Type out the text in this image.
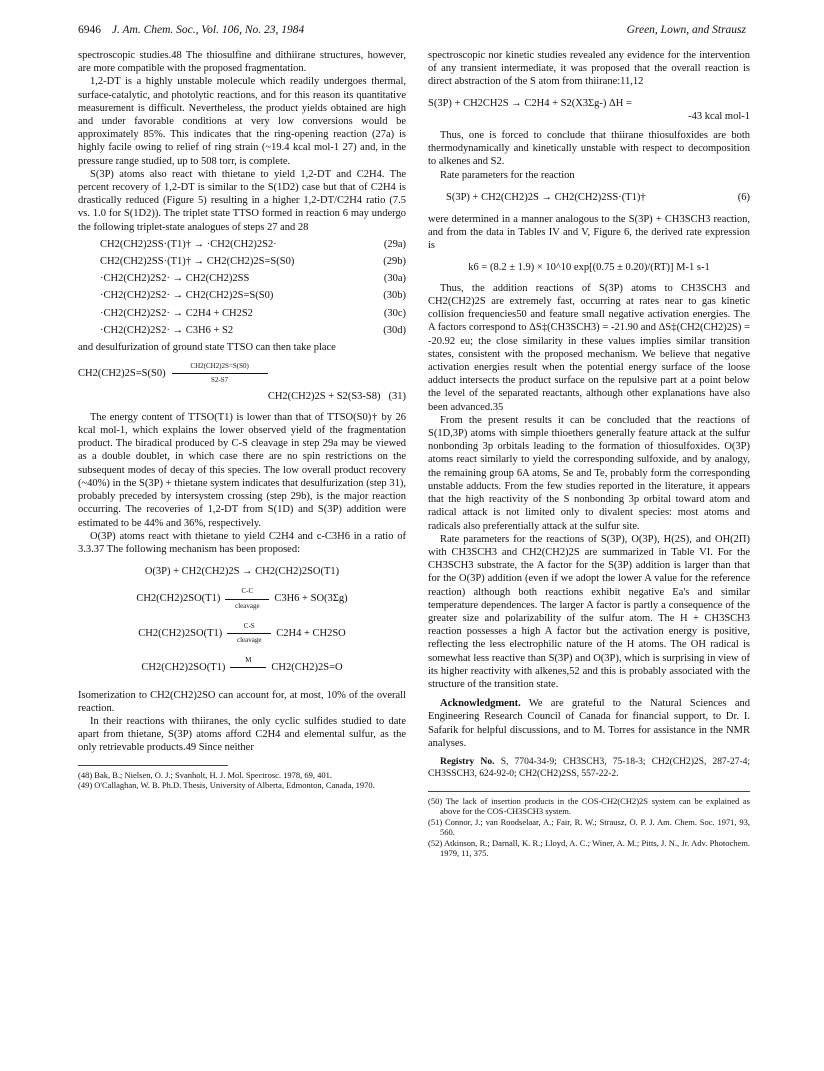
6946 J. Am. Chem. Soc., Vol. 106, No. 23, 1984	Green, Lown, and Strausz

spectroscopic studies.48 The thiosulfine and dithiirane structures, however, are more compatible with the proposed fragmentation.

1,2-DT is a highly unstable molecule which readily undergoes thermal, surface-catalytic, and photolytic reactions, and for this reason its quantitative measurement is difficult. Nevertheless, the product yields obtained are high and under favorable conditions at very low conversions would be approximately 85%. This indicates that the ring-opening reaction (27a) is highly facile owing to relief of ring strain (~19.4 kcal mol-1 27) and, in the pressure range studied, up to 508 torr, is complete.

S(3P) atoms also react with thietane to yield 1,2-DT and C2H4. The percent recovery of 1,2-DT is similar to the S(1D2) case but that of C2H4 is drastically reduced (Figure 5) resulting in a higher 1,2-DT/C2H4 ratio (7.5 vs. 1.0 for S(1D2)). The triplet state TTSO formed in reaction 6 may undergo the following triplet-state analogues of steps 27 and 28

CH2(CH2)2SS·(T1)† → ·CH2(CH2)2S2·	(29a)
CH2(CH2)2SS·(T1)† → CH2(CH2)2S=S(S0)	(29b)
·CH2(CH2)2S2· → CH2(CH2)2SS	(30a)
·CH2(CH2)2S2· → CH2(CH2)2S=S(S0)	(30b)
·CH2(CH2)2S2· → C2H4 + CH2S2	(30c)
·CH2(CH2)2S2· → C3H6 + S2	(30d)

and desulfurization of ground state TTSO can then take place

CH2(CH2)2S=S(S0)
CH2(CH2)2S=S(S0)
S2-S7
CH2(CH2)2S + S2(S3-S8) (31)

The energy content of TTSO(T1) is lower than that of TTSO(S0)† by 26 kcal mol-1, which explains the lower observed yield of the fragmentation product. The biradical produced by C-S cleavage in step 29a may be viewed as a double doublet, in which case there are no spin restrictions on the subsequent modes of decay of this species. The low overall product recovery (~40%) in the S(3P) + thietane system indicates that desulfurization (step 31), probably preceded by intersystem crossing (step 29b), is the major reaction occurring. The recoveries of 1,2-DT from S(1D) and S(3P) addition were estimated to be 44% and 36%, respectively.

O(3P) atoms react with thietane to yield C2H4 and c-C3H6 in a ratio of 3.3.37 The following mechanism has been proposed:

O(3P) + CH2(CH2)2S → CH2(CH2)2SO(T1)
CH2(CH2)2SO(T1)
C-C
cleavage
C3H6 + SO(3Σg)
CH2(CH2)2SO(T1)
C-S
cleavage
C2H4 + CH2SO
CH2(CH2)2SO(T1)
M

CH2(CH2)2S=O

Isomerization to CH2(CH2)2SO can account for, at most, 10% of the overall reaction.

In their reactions with thiiranes, the only cyclic sulfides studied to date apart from thietane, S(3P) atoms afford C2H4 and elemental sulfur, as the only retrievable products.49 Since neither

(48) Bak, B.; Nielsen, O. J.; Svanholt, H. J. Mol. Spectrosc. 1978, 69, 401.

(49) O'Callaghan, W. B. Ph.D. Thesis, University of Alberta, Edmonton, Canada, 1970.

spectroscopic nor kinetic studies revealed any evidence for the intervention of any transient intermediate, it was proposed that the overall reaction is direct abstraction of the S atom from thiirane:11,12

S(3P) + CH2CH2S → C2H4 + S2(X3Σg-) ΔH =
-43 kcal mol-1

Thus, one is forced to conclude that thiirane thiosulfoxides are both thermodynamically and kinetically unstable with respect to decomposition to alkenes and S2.

Rate parameters for the reaction

S(3P) + CH2(CH2)2S → CH2(CH2)2SS·(T1)†	(6)

were determined in a manner analogous to the S(3P) + CH3SCH3 reaction, and from the data in Tables IV and V, Figure 6, the derived rate expression is

k6 = (8.2 ± 1.9) × 10^10 exp[(0.75 ± 0.20)/(RT)] M-1 s-1

Thus, the addition reactions of S(3P) atoms to CH3SCH3 and CH2(CH2)2S are extremely fast, occurring at rates near to gas kinetic collision frequencies50 and feature small negative activation energies. The A factors correspond to ΔS‡(CH3SCH3) = -21.90 and ΔS‡(CH2(CH2)2S) = -20.92 eu; the close similarity in these values implies similar transition states, consistent with the proposed mechanism. We believe that negative activation energies result when the potential energy surface of the loose adduct intersects the product surface on the repulsive part at a point below the level of the separated reactants, although other explanations have also been advanced.35

From the present results it can be concluded that the reactions of S(1D,3P) atoms with simple thioethers generally feature attack at the sulfur nonbonding 3p orbitals leading to the formation of thiosulfoxides. O(3P) atoms react similarly to yield the corresponding sulfoxide, and by analogy, the remaining group 6A atoms, Se and Te, probably form the corresponding unstable adducts. From the few studies reported in the literature, it appears that the high reactivity of the S nonbonding 3p orbital toward atom and radical attack is not limited only to divalent species: most atoms and radicals also preferentially attack at the sulfur site.

Rate parameters for the reactions of S(3P), O(3P), H(2S), and OH(2Π) with CH3SCH3 and CH2(CH2)2S are summarized in Table VI. For the CH3SCH3 substrate, the A factor for the S(3P) addition is larger than that for the O(3P) addition (even if we adopt the lower A value for the reference reaction) although both reactions exhibit negative Ea's and similar temperature dependences. The larger A factor is partly a consequence of the greater size and polarizability of the sulfur atom. The H + CH3SCH3 reaction possesses a high A factor but the activation energy is positive, reflecting the less electrophilic nature of the H atoms. The OH radical is somewhat less reactive than S(3P) and O(3P), which is surprising in view of its higher reactivity with alkenes,52 and this is probably associated with the structure of the transition state.

Acknowledgment. We are grateful to the Natural Sciences and Engineering Research Council of Canada for financial support, to Dr. I. Safarik for helpful discussions, and to M. Torres for assistance in the NMR analyses.

Registry No. S, 7704-34-9; CH3SCH3, 75-18-3; CH2(CH2)2S, 287-27-4; CH3SSCH3, 624-92-0; CH2(CH2)2SS, 557-22-2.

(50) The lack of insertion products in the COS-CH2(CH2)2S system can be explained as above for the COS-CH3SCH3 system.

(51) Connor, J.; van Roodselaar, A.; Fair, R. W.; Strausz, O. P. J. Am. Chem. Soc. 1971, 93, 560.

(52) Atkinson, R.; Darnall, K. R.; Lloyd, A. C.; Winer, A. M.; Pitts, J. N., Jr. Adv. Photochem. 1979, 11, 375.
